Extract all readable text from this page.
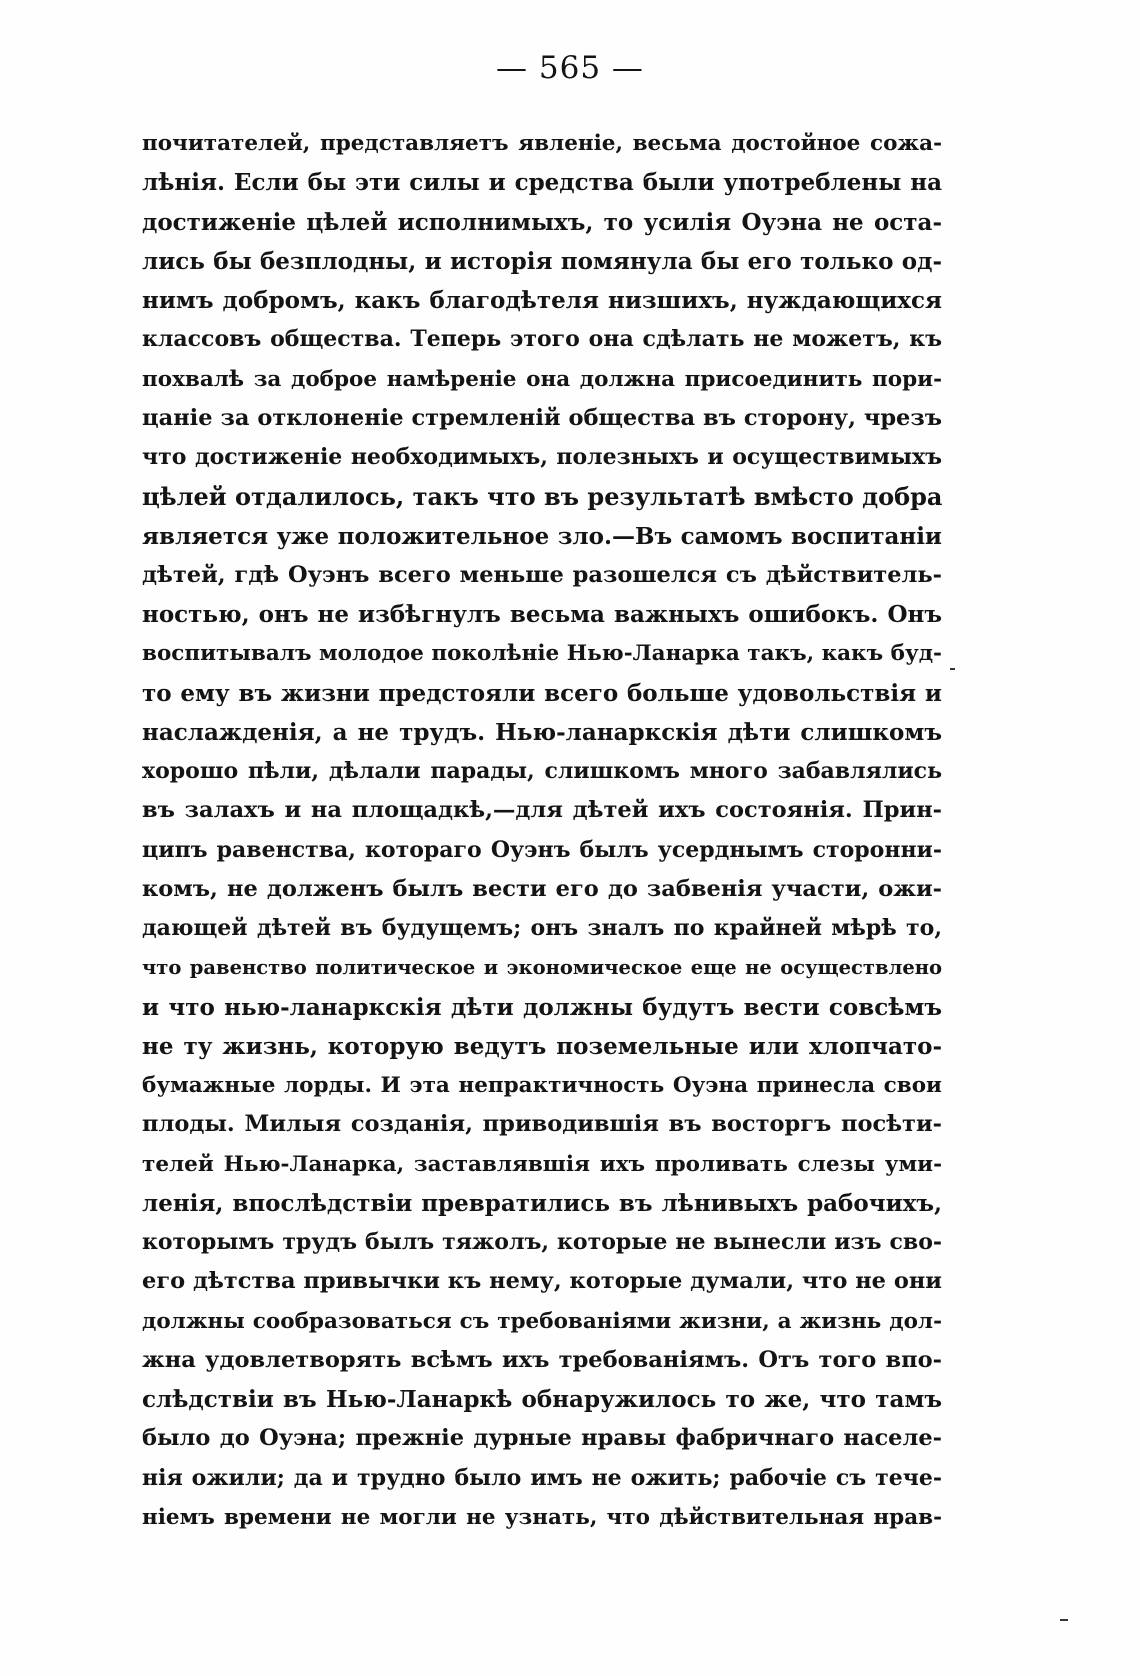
— 565 —
почитателей, представляетъ явленіе, весьма достойное сожа-
лѣнія. Если бы эти силы и средства были употреблены на
достиженіе цѣлей исполнимыхъ, то усилія Оуэна не оста-
лись бы безплодны, и исторія помянула бы его только од-
нимъ добромъ, какъ благодѣтеля низшихъ, нуждающихся
классовъ общества. Теперь этого она сдѣлать не можетъ, къ
похвалѣ за доброе намѣреніе она должна присоединить пори-
цаніе за отклоненіе стремленій общества въ сторону, чрезъ
что достиженіе необходимыхъ, полезныхъ и осуществимыхъ
цѣлей отдалилось, такъ что въ результатѣ вмѣсто добра
является уже положительное зло.—Въ самомъ воспитаніи
дѣтей, гдѣ Оуэнъ всего меньше разошелся съ дѣйствитель-
ностью, онъ не избѣгнулъ весьма важныхъ ошибокъ. Онъ
воспитывалъ молодое поколѣніе Нью-Ланарка такъ, какъ буд-
то ему въ жизни предстояли всего больше удовольствія и
наслажденія, а не трудъ. Нью-ланаркскія дѣти слишкомъ
хорошо пѣли, дѣлали парады, слишкомъ много забавлялись
въ залахъ и на площадкѣ,—для дѣтей ихъ состоянія. Прин-
ципъ равенства, котораго Оуэнъ былъ усерднымъ сторонни-
комъ, не долженъ былъ вести его до забвенія участи, ожи-
дающей дѣтей въ будущемъ; онъ зналъ по крайней мѣрѣ то,
что равенство политическое и экономическое еще не осуществлено
и что нью-ланаркскія дѣти должны будутъ вести совсѣмъ
не ту жизнь, которую ведутъ поземельные или хлопчато-
бумажные лорды. И эта непрактичность Оуэна принесла свои
плоды. Милыя созданія, приводившія въ восторгъ посѣти-
телей Нью-Ланарка, заставлявшія ихъ проливать слезы уми-
ленія, впослѣдствіи превратились въ лѣнивыхъ рабочихъ,
которымъ трудъ былъ тяжолъ, которые не вынесли изъ сво-
его дѣтства привычки къ нему, которые думали, что не они
должны сообразоваться съ требованіями жизни, а жизнь дол-
жна удовлетворять всѣмъ ихъ требованіямъ. Отъ того впо-
слѣдствіи въ Нью-Ланаркѣ обнаружилось то же, что тамъ
было до Оуэна; прежніе дурные нравы фабричнаго населе-
нія ожили; да и трудно было имъ не ожить; рабочіе съ тече-
ніемъ времени не могли не узнать, что дѣйствительная нрав-
